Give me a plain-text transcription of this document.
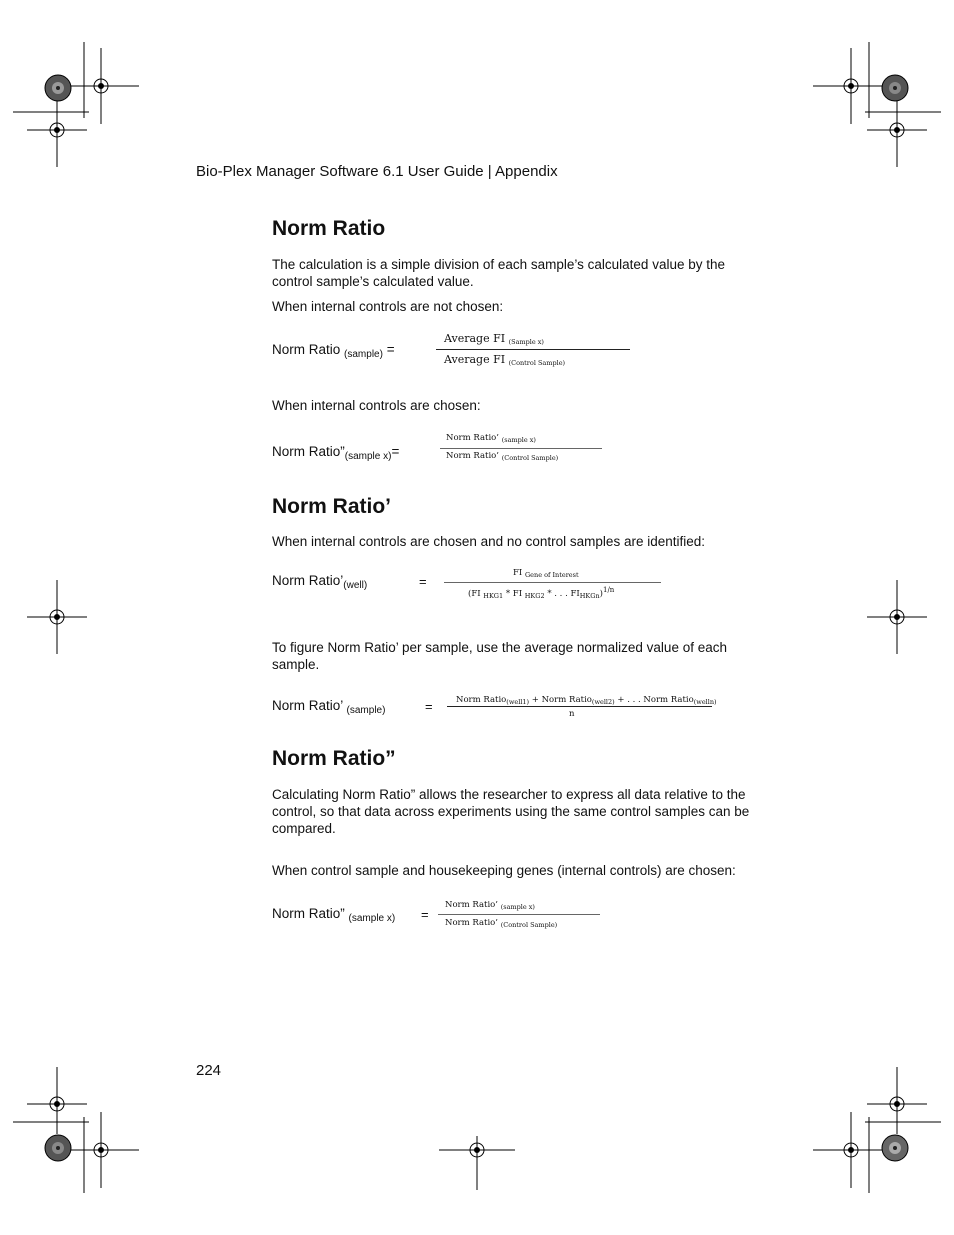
Bio-Plex Manager Software 6.1 User Guide | Appendix
Norm Ratio
The calculation is a simple division of each sample’s calculated value by the control sample’s calculated value.
When internal controls are not chosen:
Norm Ratio $_{(sample)}$ =
Average FI (Sample x)
Average FI (Control Sample)
When internal controls are chosen:
Norm $Ratio”_{(sample x)}=$
Norm Ratio’ $_{(sample x)}$
Norm Ratio’ $_{(Control Sample)}$
Norm Ratio’
When internal controls are chosen and no control samples are identified:
Norm $Ratio’_{(well)}$	=
FI $_{Gene of Interest}$
(FI $_{HKG1}$ * FI $_{HKG2}$ * . . . $FI_{HKGn})^{1/n}$
To figure Norm Ratio’ per sample, use the average normalized value of each sample.
Norm Ratio’ $_{(sample)}$	=	Norm Ratio$_{(well1)}$ + Norm Ratio$_{(well2)}$ + . . . Norm Ratio$_{(welln)}$
n
Norm Ratio”
Calculating Norm Ratio” allows the researcher to express all data relative to the control, so that data across experiments using the same control samples can be compared.
When control sample and housekeeping genes (internal controls) are chosen:
Norm Ratio” $_{(sample x)}$ =
Norm Ratio’ $_{(sample x)}$
Norm Ratio’ $_{(Control Sample)}$
224
